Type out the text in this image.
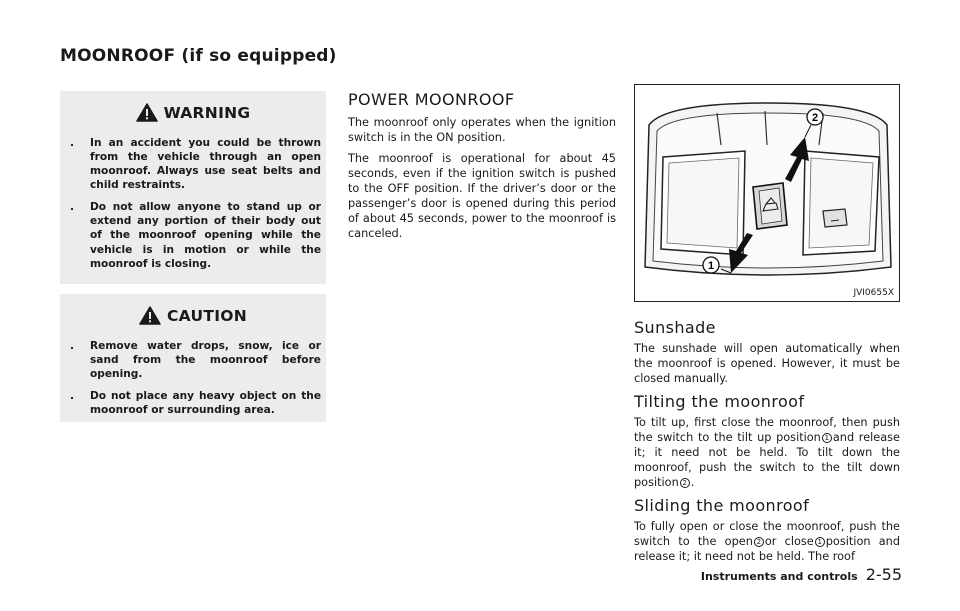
MOONROOF (if so equipped)
WARNING
.	In an accident you could be thrown from the vehicle through an open moonroof. Always use seat belts and child restraints.
.	Do not allow anyone to stand up or extend any portion of their body out of the moonroof opening while the vehicle is in motion or while the moonroof is closing.
CAUTION
.	Remove water drops, snow, ice or sand from the moonroof before opening.
.	Do not place any heavy object on the moonroof or surrounding area.
POWER MOONROOF

The moonroof only operates when the ignition switch is in the ON position.

The moonroof is operational for about 45 seconds, even if the ignition switch is pushed to the OFF position. If the driver’s door or the passenger’s door is opened during this period of about 45 seconds, power to the moonroof is canceled.

2
1
JVI0655X
Sunshade

The sunshade will open automatically when the moonroof is opened. However, it must be closed manually.

Tilting the moonroof

To tilt up, first close the moonroof, then push the switch to the tilt up position 1 and release it; it need not be held. To tilt down the moonroof, push the switch to the tilt down position 2 .

Sliding the moonroof

To fully open or close the moonroof, push the switch to the open 2 or close 1 position and release it; it need not be held. The roof

Instruments and controls 2-55
